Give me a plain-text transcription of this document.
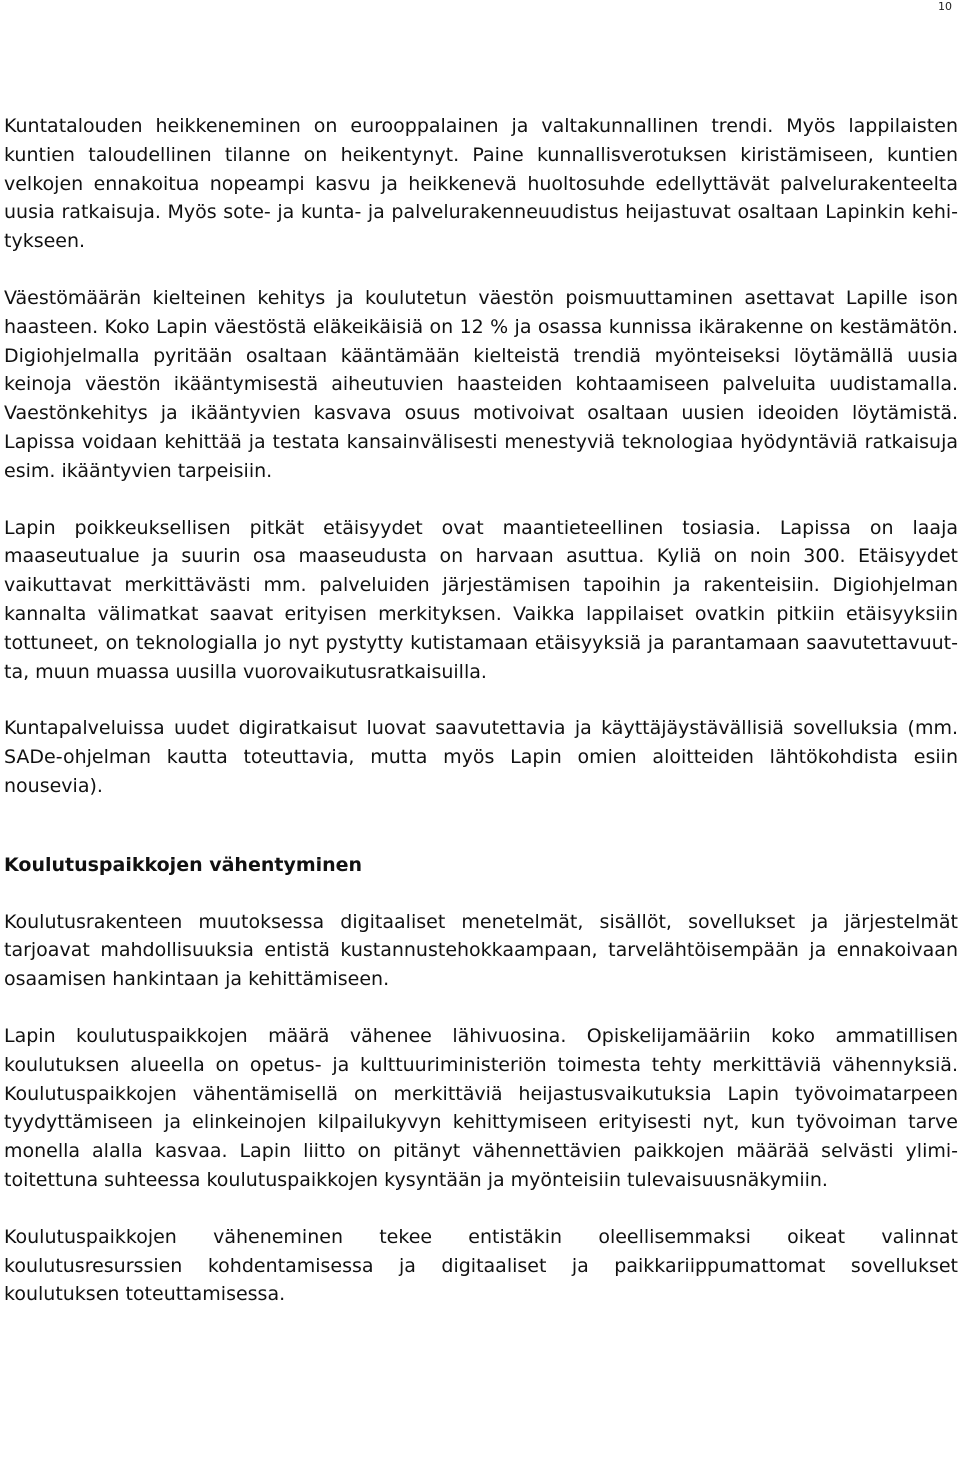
10

Kuntatalouden heikkeneminen on eurooppalainen ja valtakunnallinen trendi. Myös lappilaisten kuntien taloudellinen tilanne on heikentynyt. Paine kunnallisverotuksen kiristämiseen, kuntien velkojen ennakoitua nopeampi kasvu ja heikkenevä huoltosuhde edellyttävät palvelurakenteelta uusia ratkaisuja. Myös sote- ja kunta- ja palvelurakenneuudistus heijastuvat osaltaan Lapinkin kehitykseen.

Väestömäärän kielteinen kehitys ja koulutetun väestön poismuuttaminen asettavat Lapille ison haasteen. Koko Lapin väestöstä eläkeikäisiä on 12 % ja osassa kunnissa ikärakenne on kestämätön. Digiohjelmalla pyritään osaltaan kääntämään kielteistä trendiä myönteiseksi löytämällä uusia keinoja väestön ikääntymisestä aiheutuvien haasteiden kohtaamiseen palveluita uudistamalla. Vaestönkehitys ja ikääntyvien kasvava osuus motivoivat osaltaan uusien ideoiden löytämistä. Lapissa voidaan kehittää ja testata kansainvälisesti menestyviä teknologiaa hyödyntäviä ratkaisuja esim. ikääntyvien tarpeisiin.

Lapin poikkeuksellisen pitkät etäisyydet ovat maantieteellinen tosiasia. Lapissa on laaja maaseutualue ja suurin osa maaseudusta on harvaan asuttua. Kyliä on noin 300. Etäisyydet vaikuttavat merkittävästi mm. palveluiden järjestämisen tapoihin ja rakenteisiin. Digiohjelman kannalta välimatkat saavat erityisen merkityksen. Vaikka lappilaiset ovatkin pitkiin etäisyyksiin tottuneet, on teknologialla jo nyt pystytty kutistamaan etäisyyksiä ja parantamaan saavutettavuutta, muun muassa uusilla vuorovaikutusratkaisuilla.

Kuntapalveluissa uudet digiratkaisut luovat saavutettavia ja käyttäjäystävällisiä sovelluksia (mm. SADe-ohjelman kautta toteuttavia, mutta myös Lapin omien aloitteiden lähtökohdista esiin nousevia).

Koulutuspaikkojen vähentyminen

Koulutusrakenteen muutoksessa digitaaliset menetelmät, sisällöt, sovellukset ja järjestelmät tarjoavat mahdollisuuksia entistä kustannustehokkaampaan, tarvelähtöisempään ja ennakoivaan osaamisen hankintaan ja kehittämiseen.

Lapin koulutuspaikkojen määrä vähenee lähivuosina. Opiskelijamääriin koko ammatillisen koulutuksen alueella on opetus- ja kulttuuriministeriön toimesta tehty merkittäviä vähennyksiä. Koulutuspaikkojen vähentämisellä on merkittäviä heijastusvaikutuksia Lapin työvoimatarpeen tyydyttämiseen ja elinkeinojen kilpailukyvyn kehittymiseen erityisesti nyt, kun työvoiman tarve monella alalla kasvaa. Lapin liitto on pitänyt vähennettävien paikkojen määrää selvästi ylimitoitettuna suhteessa koulutuspaikkojen kysyntään ja myönteisiin tulevaisuusnäkymiin.

Koulutuspaikkojen väheneminen tekee entistäkin oleellisemmaksi oikeat valinnat koulutusresurssien kohdentamisessa ja digitaaliset ja paikkariippumattomat sovellukset koulutuksen toteuttamisessa.
